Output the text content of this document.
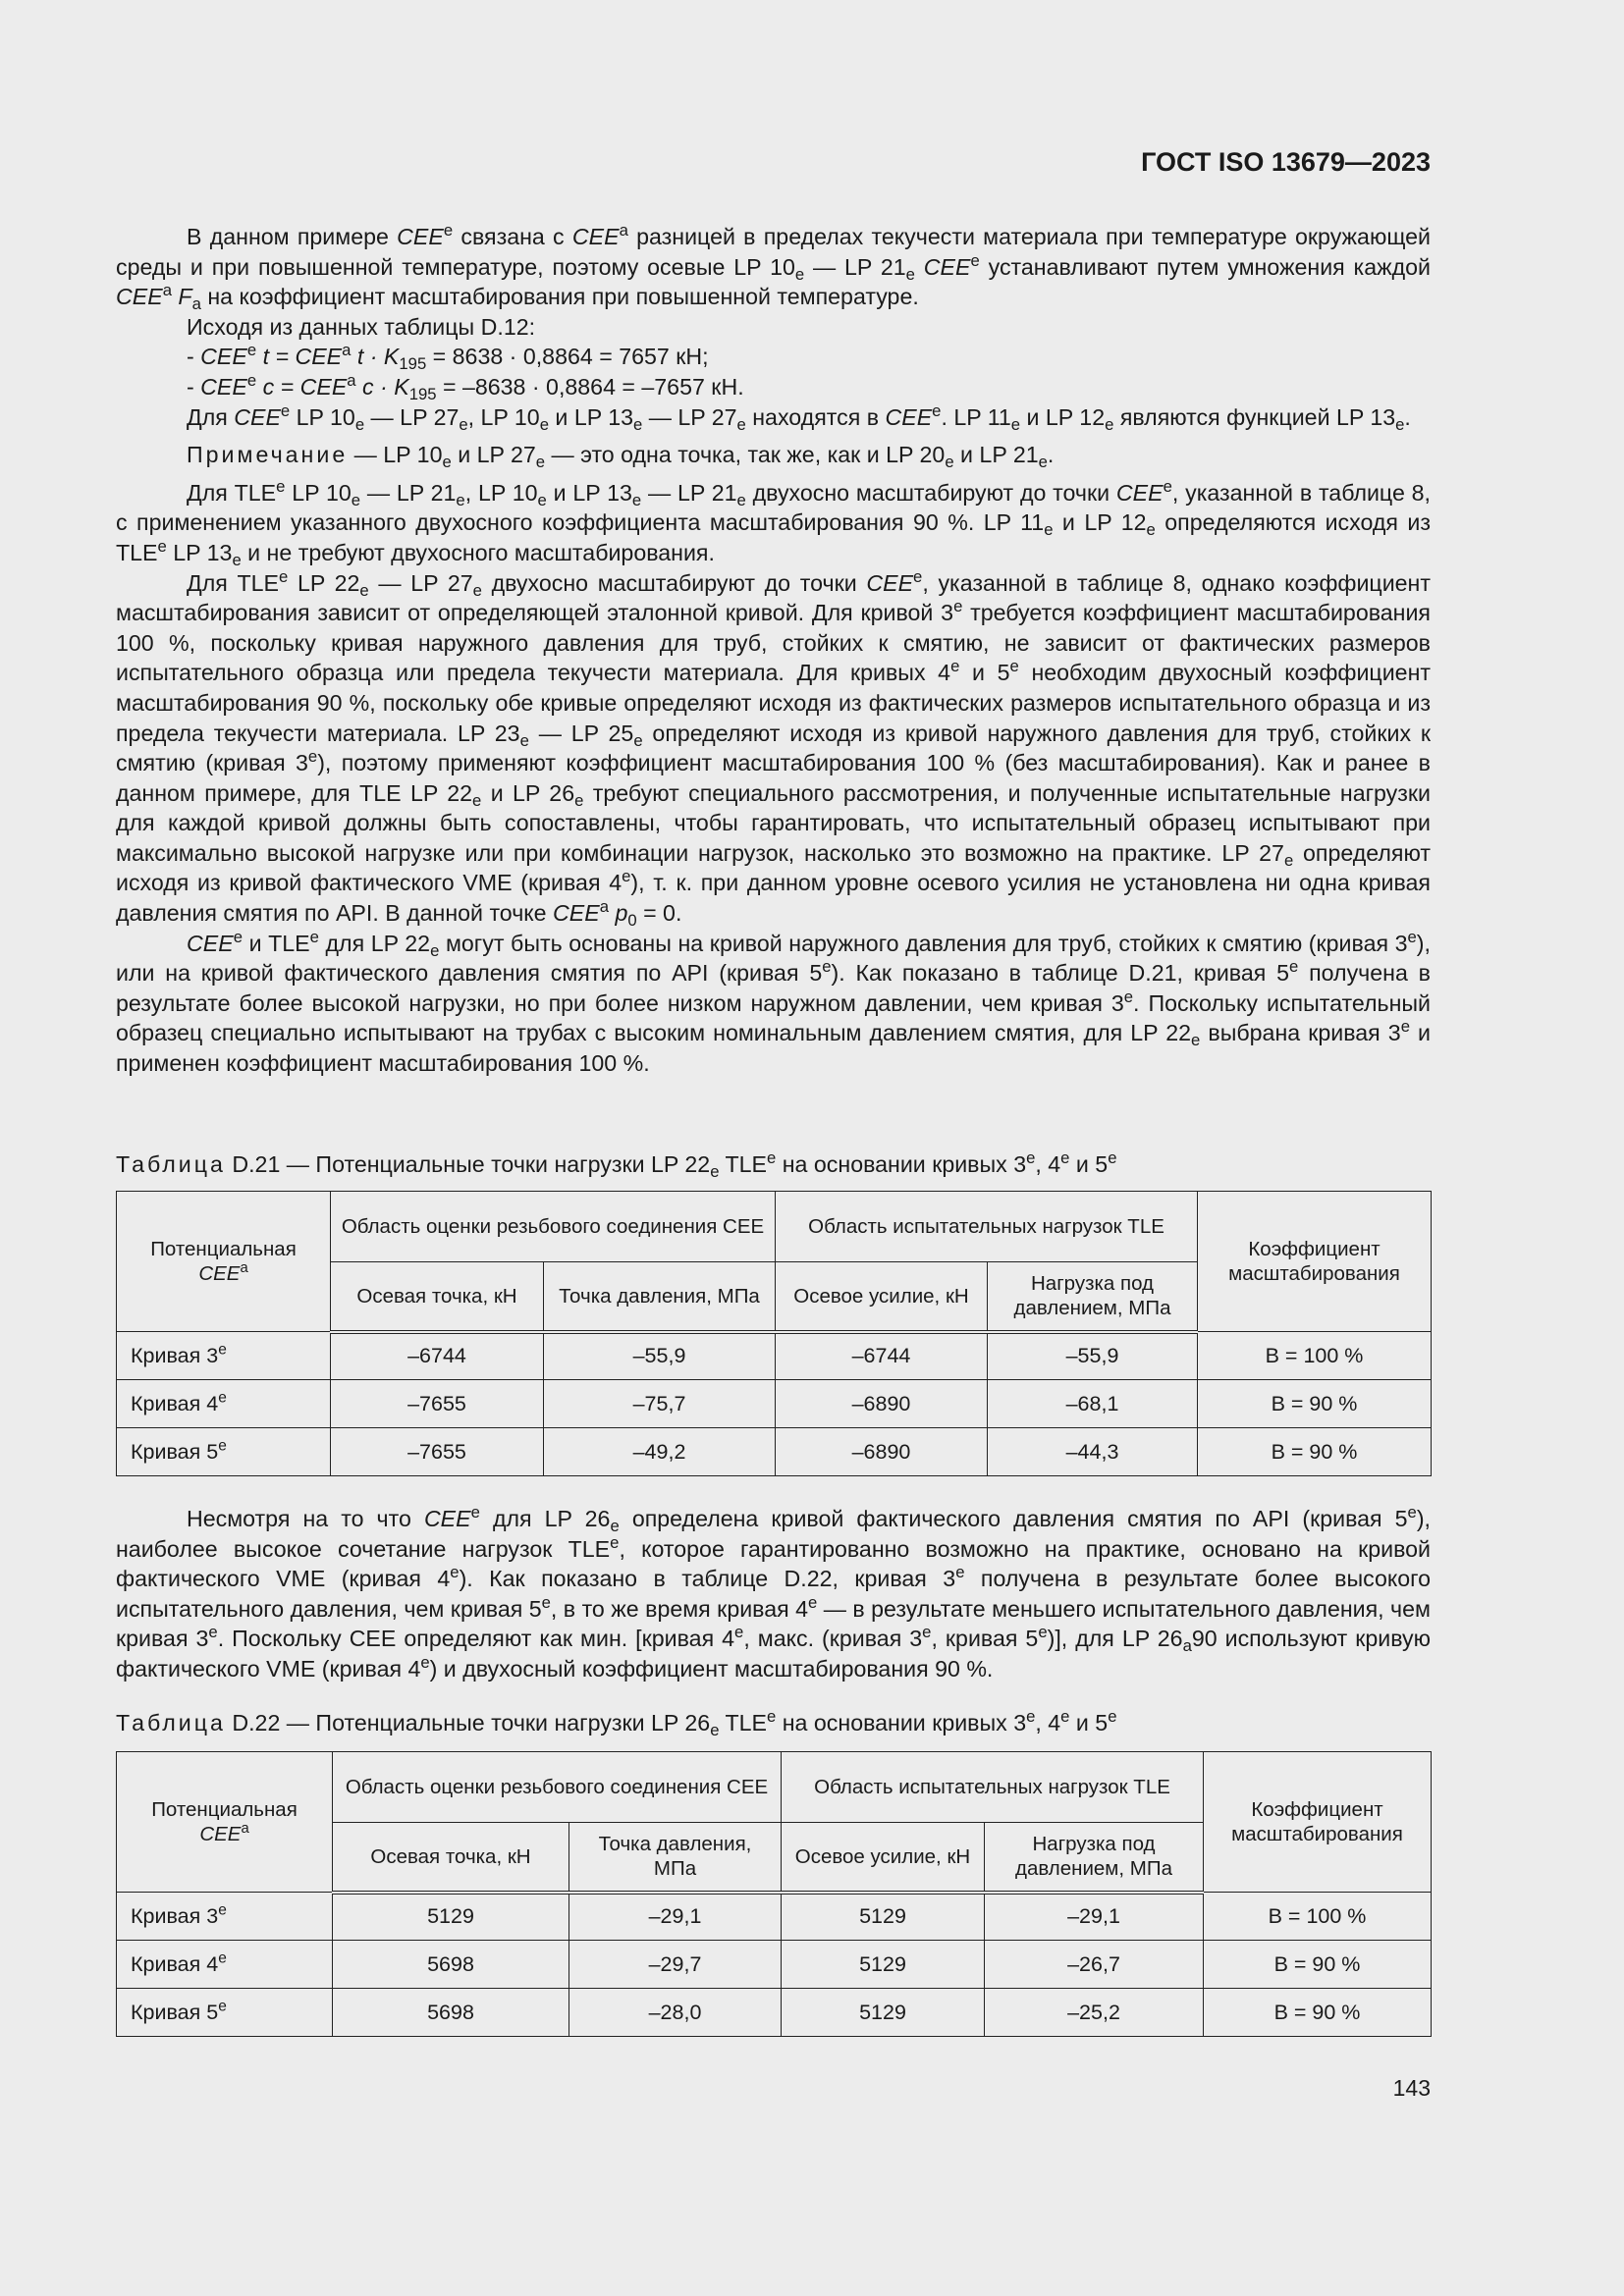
ГОСТ ISO 13679—2023

В данном примере CEE$^e$ связана с CEE$^a$ разницей в пределах текучести материала при температуре окружающей среды и при повышенной температуре, поэтому осевые LP $10_e$ — LP $21_e$ CEE$^e$ устанавливают путем умножения каждой CEE$^a$ $F_a$ на коэффициент масштабирования при повышенной температуре.

Исходя из данных таблицы D.12:

- CEE$^e$ $t = CEE^a$ $t \cdot K_{195} = 8638 \cdot 0,8864 = 7657$ кН;

- CEE$^e$ $c = CEE^a$ $c \cdot K_{195} = -8638 \cdot 0,8864 = -7657$ кН.

Для CEE$^e$ LP $10_e$ — LP $27_e$, LP $10_e$ и LP $13_e$ — LP $27_e$ находятся в CEE$^e$. LP $11_e$ и LP $12_e$ являются функцией LP $13_e$.

Примечание — LP $10_e$ и LP $27_e$ — это одна точка, так же, как и LP $20_e$ и LP $21_e$.

Для TLE$^e$ LP $10_e$ — LP $21_e$, LP $10_e$ и LP $13_e$ — LP $21_e$ двухосно масштабируют до точки CEE$^e$, указанной в таблице 8, с применением указанного двухосного коэффициента масштабирования 90 %. LP $11_e$ и LP $12_e$ определяются исходя из TLE$^e$ LP $13_e$ и не требуют двухосного масштабирования.

Для TLE$^e$ LP $22_e$ — LP $27_e$ двухосно масштабируют до точки CEE$^e$, указанной в таблице 8, однако коэффициент масштабирования зависит от определяющей эталонной кривой. Для кривой 3e требуется коэффициент масштабирования 100 %, поскольку кривая наружного давления для труб, стойких к смятию, не зависит от фактических размеров испытательного образца или предела текучести материала. Для кривых 4e и 5e необходим двухосный коэффициент масштабирования 90 %, поскольку обе кривые определяют исходя из фактических размеров испытательного образца и из предела текучести материала. LP $23_e$ — LP $25_e$ определяют исходя из кривой наружного давления для труб, стойких к смятию (кривая 3e), поэтому применяют коэффициент масштабирования 100 % (без масштабирования). Как и ранее в данном примере, для TLE LP $22_e$ и LP $26_e$ требуют специального рассмотрения, и полученные испытательные нагрузки для каждой кривой должны быть сопоставлены, чтобы гарантировать, что испытательный образец испытывают при максимально высокой нагрузке или при комбинации нагрузок, насколько это возможно на практике. LP $27_e$ определяют исходя из кривой фактического VME (кривая 4e), т. к. при данном уровне осевого усилия не установлена ни одна кривая давления смятия по API. В данной точке CEE$^a$ $p_0 = 0$.

CEE$^e$ и TLE$^e$ для LP $22_e$ могут быть основаны на кривой наружного давления для труб, стойких к смятию (кривая 3e), или на кривой фактического давления смятия по API (кривая 5e). Как показано в таблице D.21, кривая 5e получена в результате более высокой нагрузки, но при более низком наружном давлении, чем кривая 3e. Поскольку испытательный образец специально испытывают на трубах с высоким номинальным давлением смятия, для LP $22_e$ выбрана кривая 3e и применен коэффициент масштабирования 100 %.

Таблица D.21 — Потенциальные точки нагрузки LP $22_e$ TLE$^e$ на основании кривых 3e, 4e и 5e

Потенциальная
CEE$^a$	Область оценки резьбового соединения CEE		Область испытательных нагрузок TLE		Коэффициент масштабирования
	Осевая точка, кН	Точка давления, МПа	Осевое усилие, кН	Нагрузка под давлением, МПа	
Кривая 3e	–6744	–55,9	–6744	–55,9	B = 100 %
Кривая 4e	–7655	–75,7	–6890	–68,1	B = 90 %
Кривая 5e	–7655	–49,2	–6890	–44,3	B = 90 %

Несмотря на то что CEE$^e$ для LP $26_e$ определена кривой фактического давления смятия по API (кривая 5e), наиболее высокое сочетание нагрузок TLE$^e$, которое гарантированно возможно на практике, основано на кривой фактического VME (кривая 4e). Как показано в таблице D.22, кривая 3e получена в результате более высокого испытательного давления, чем кривая 5e, в то же время кривая 4e — в результате меньшего испытательного давления, чем кривая 3e. Поскольку CEE определяют как мин. [кривая 4e, макс. (кривая 3e, кривая 5e)], для LP $26_a90$ используют кривую фактического VME (кривая 4e) и двухосный коэффициент масштабирования 90 %.

Таблица D.22 — Потенциальные точки нагрузки LP $26_e$ TLE$^e$ на основании кривых 3e, 4e и 5e

Потенциальная
CEE$^a$	Область оценки резьбового соединения CEE		Область испытательных нагрузок TLE		Коэффициент масштабирования
	Осевая точка, кН	Точка давления, МПа	Осевое усилие, кН	Нагрузка под давлением, МПа	
Кривая 3e	5129	–29,1	5129	–29,1	B = 100 %
Кривая 4e	5698	–29,7	5129	–26,7	B = 90 %
Кривая 5e	5698	–28,0	5129	–25,2	B = 90 %
143
